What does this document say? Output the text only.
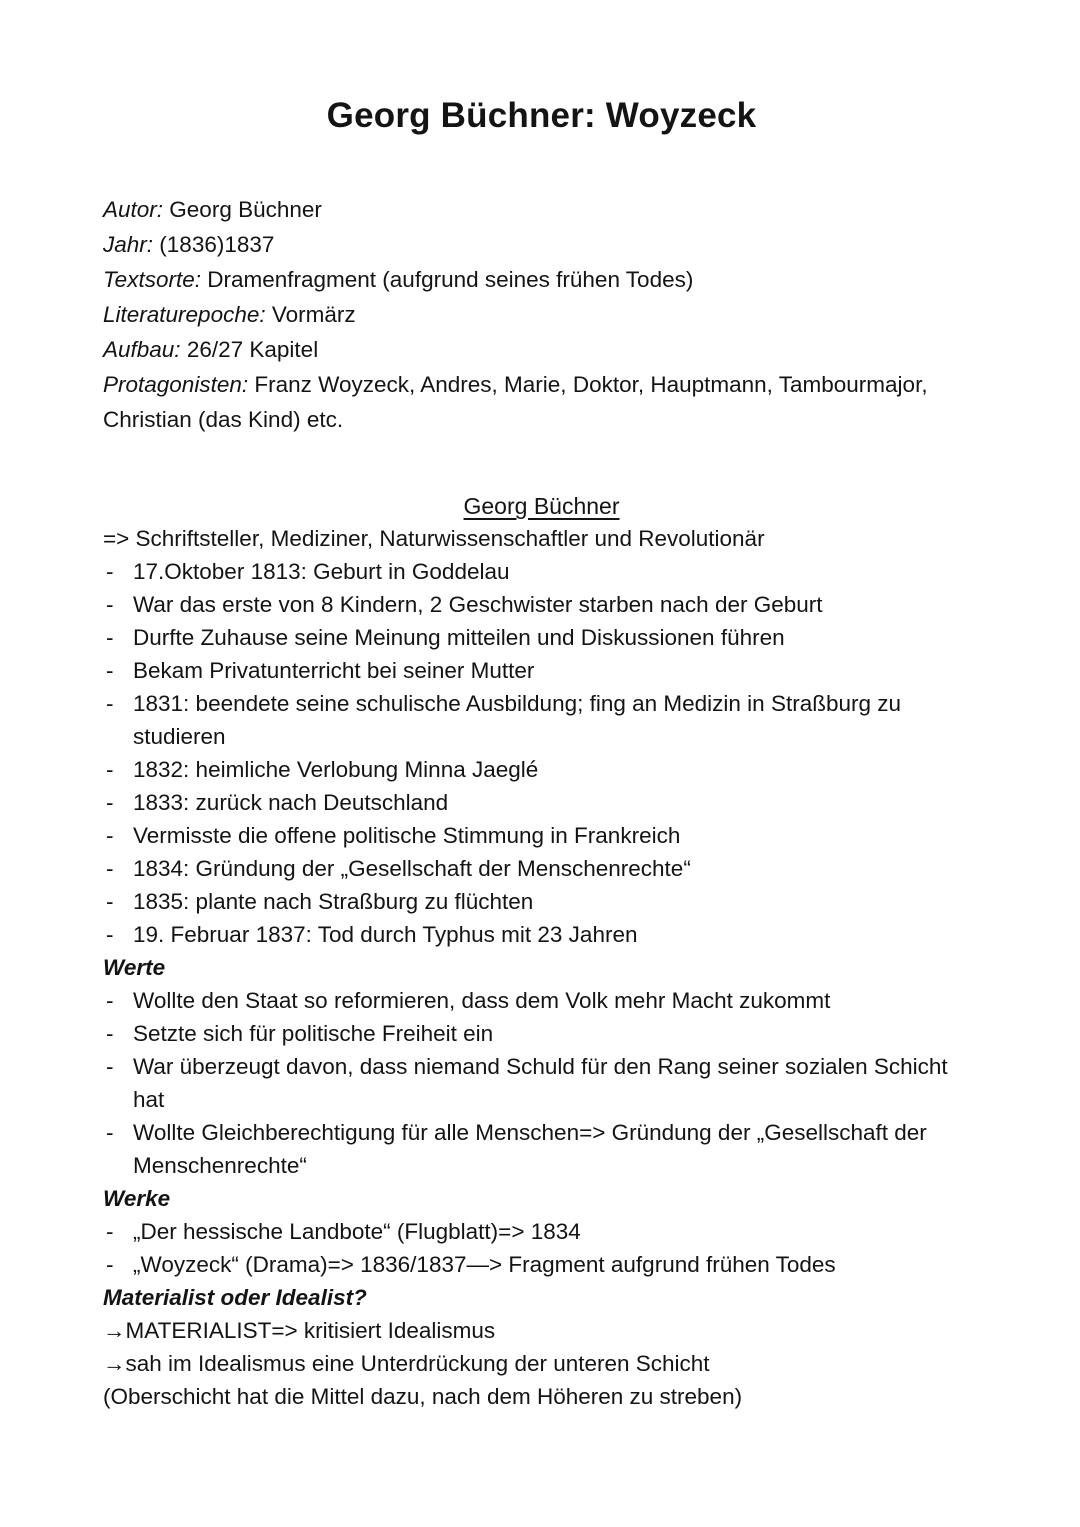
Georg Büchner: Woyzeck

Autor: Georg Büchner

Jahr: (1836)1837

Textsorte: Dramenfragment (aufgrund seines frühen Todes)

Literaturepoche: Vormärz

Aufbau: 26/27 Kapitel

Protagonisten: Franz Woyzeck, Andres, Marie, Doktor, Hauptmann, Tambourmajor, Christian (das Kind) etc.

Georg Büchner

=> Schriftsteller, Mediziner, Naturwissenschaftler und Revolutionär

- 17.Oktober 1813: Geburt in Goddelau
- War das erste von 8 Kindern, 2 Geschwister starben nach der Geburt
- Durfte Zuhause seine Meinung mitteilen und Diskussionen führen
- Bekam Privatunterricht bei seiner Mutter
- 1831: beendete seine schulische Ausbildung; fing an Medizin in Straßburg zu studieren
- 1832: heimliche Verlobung Minna Jaeglé
- 1833: zurück nach Deutschland
- Vermisste die offene politische Stimmung in Frankreich
- 1834: Gründung der „Gesellschaft der Menschenrechte“
- 1835: plante nach Straßburg zu flüchten
- 19. Februar 1837: Tod durch Typhus mit 23 Jahren

Werte

- Wollte den Staat so reformieren, dass dem Volk mehr Macht zukommt
- Setzte sich für politische Freiheit ein
- War überzeugt davon, dass niemand Schuld für den Rang seiner sozialen Schicht hat
- Wollte Gleichberechtigung für alle Menschen=> Gründung der „Gesellschaft der Menschenrechte“

Werke

- „Der hessische Landbote“ (Flugblatt)=> 1834
- „Woyzeck“ (Drama)=> 1836/1837—> Fragment aufgrund frühen Todes

Materialist oder Idealist?

→MATERIALIST=> kritisiert Idealismus

→sah im Idealismus eine Unterdrückung der unteren Schicht

(Oberschicht hat die Mittel dazu, nach dem Höheren zu streben)
